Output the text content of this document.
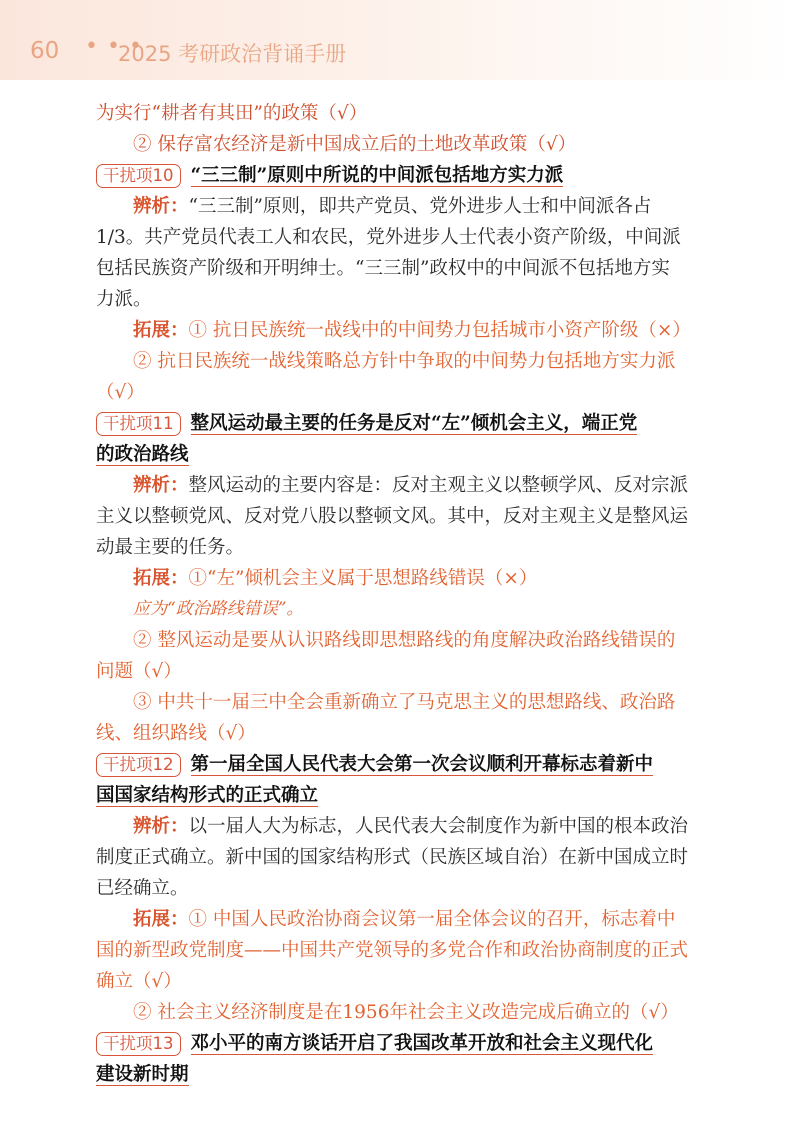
60 • • •
2025 考研政治背诵手册
为实行“耕者有其田”的政策（√）
② 保存富农经济是新中国成立后的土地改革政策（√）
干扰项10 “三三制”原则中所说的中间派包括地方实力派
辨析：“三三制”原则，即共产党员、党外进步人士和中间派各占
1/3。共产党员代表工人和农民，党外进步人士代表小资产阶级，中间派
包括民族资产阶级和开明绅士。“三三制”政权中的中间派不包括地方实
力派。
拓展：① 抗日民族统一战线中的中间势力包括城市小资产阶级（×）
② 抗日民族统一战线策略总方针中争取的中间势力包括地方实力派
（√）
干扰项11 整风运动最主要的任务是反对“左”倾机会主义，端正党
的政治路线
辨析：整风运动的主要内容是：反对主观主义以整顿学风、反对宗派
主义以整顿党风、反对党八股以整顿文风。其中，反对主观主义是整风运
动最主要的任务。
拓展：①“左”倾机会主义属于思想路线错误（×）
应为“政治路线错误”。
② 整风运动是要从认识路线即思想路线的角度解决政治路线错误的
问题（√）
③ 中共十一届三中全会重新确立了马克思主义的思想路线、政治路
线、组织路线（√）
干扰项12 第一届全国人民代表大会第一次会议顺利开幕标志着新中
国国家结构形式的正式确立
辨析：以一届人大为标志，人民代表大会制度作为新中国的根本政治
制度正式确立。新中国的国家结构形式（民族区域自治）在新中国成立时
已经确立。
拓展：① 中国人民政治协商会议第一届全体会议的召开，标志着中
国的新型政党制度——中国共产党领导的多党合作和政治协商制度的正式
确立（√）
② 社会主义经济制度是在1956年社会主义改造完成后确立的（√）
干扰项13 邓小平的南方谈话开启了我国改革开放和社会主义现代化
建设新时期
